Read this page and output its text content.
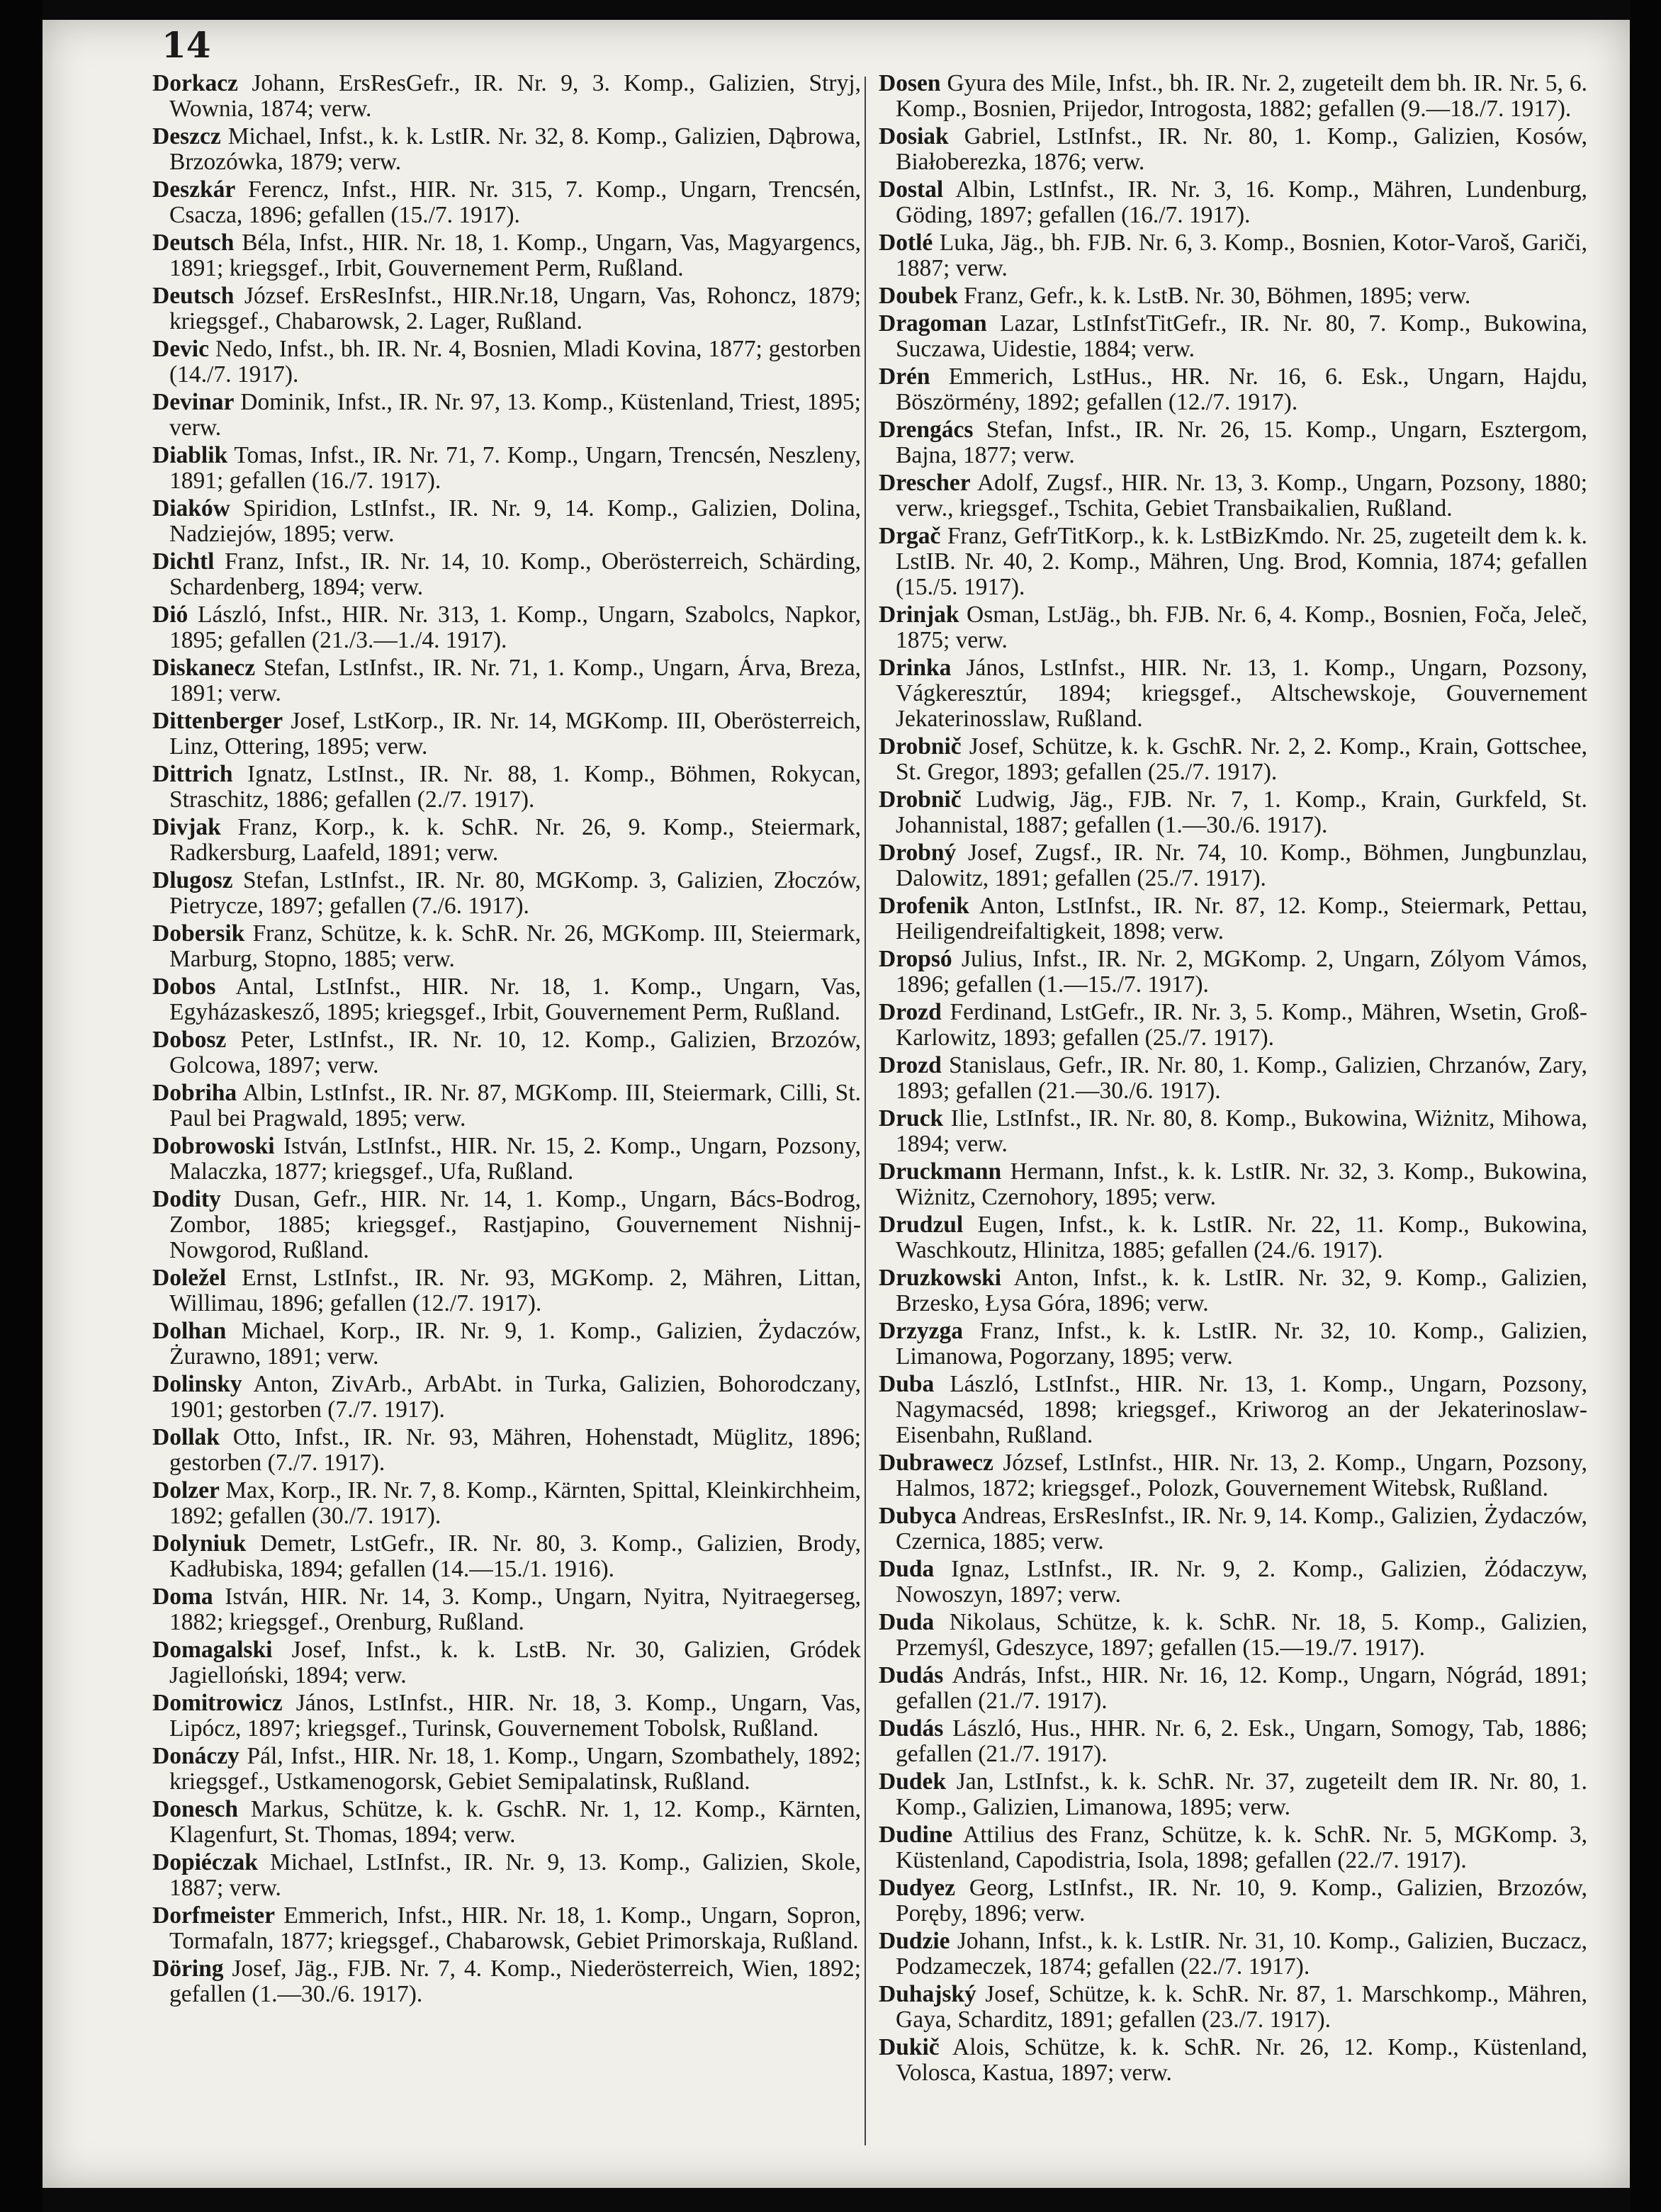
14

Dorkacz Johann, ErsResGefr., IR. Nr. 9, 3. Komp., Galizien, Stryj, Wownia, 1874; verw.

Deszcz Michael, Infst., k. k. LstIR. Nr. 32, 8. Komp., Galizien, Dąbrowa, Brzozówka, 1879; verw.

Deszkár Ferencz, Infst., HIR. Nr. 315, 7. Komp., Ungarn, Trencsén, Csacza, 1896; gefallen (15./7. 1917).

Deutsch Béla, Infst., HIR. Nr. 18, 1. Komp., Ungarn, Vas, Magyargencs, 1891; kriegsgef., Irbit, Gouvernement Perm, Rußland.

Deutsch József. ErsResInfst., HIR.Nr.18, Ungarn, Vas, Rohoncz, 1879; kriegsgef., Chabarowsk, 2. Lager, Rußland.

Devic Nedo, Infst., bh. IR. Nr. 4, Bosnien, Mladi Kovina, 1877; gestorben (14./7. 1917).

Devinar Dominik, Infst., IR. Nr. 97, 13. Komp., Küstenland, Triest, 1895; verw.

Diablik Tomas, Infst., IR. Nr. 71, 7. Komp., Ungarn, Trencsén, Neszleny, 1891; gefallen (16./7. 1917).

Diaków Spiridion, LstInfst., IR. Nr. 9, 14. Komp., Galizien, Dolina, Nadziejów, 1895; verw.

Dichtl Franz, Infst., IR. Nr. 14, 10. Komp., Oberösterreich, Schärding, Schardenberg, 1894; verw.

Dió László, Infst., HIR. Nr. 313, 1. Komp., Ungarn, Szabolcs, Napkor, 1895; gefallen (21./3.—1./4. 1917).

Diskanecz Stefan, LstInfst., IR. Nr. 71, 1. Komp., Ungarn, Árva, Breza, 1891; verw.

Dittenberger Josef, LstKorp., IR. Nr. 14, MGKomp. III, Oberösterreich, Linz, Ottering, 1895; verw.

Dittrich Ignatz, LstInst., IR. Nr. 88, 1. Komp., Böhmen, Rokycan, Straschitz, 1886; gefallen (2./7. 1917).

Divjak Franz, Korp., k. k. SchR. Nr. 26, 9. Komp., Steiermark, Radkersburg, Laafeld, 1891; verw.

Dlugosz Stefan, LstInfst., IR. Nr. 80, MGKomp. 3, Galizien, Złoczów, Pietrycze, 1897; gefallen (7./6. 1917).

Dobersik Franz, Schütze, k. k. SchR. Nr. 26, MGKomp. III, Steiermark, Marburg, Stopno, 1885; verw.

Dobos Antal, LstInfst., HIR. Nr. 18, 1. Komp., Ungarn, Vas, Egyházaskesző, 1895; kriegsgef., Irbit, Gouvernement Perm, Rußland.

Dobosz Peter, LstInfst., IR. Nr. 10, 12. Komp., Galizien, Brzozów, Golcowa, 1897; verw.

Dobriha Albin, LstInfst., IR. Nr. 87, MGKomp. III, Steiermark, Cilli, St. Paul bei Pragwald, 1895; verw.

Dobrowoski István, LstInfst., HIR. Nr. 15, 2. Komp., Ungarn, Pozsony, Malaczka, 1877; kriegsgef., Ufa, Rußland.

Dodity Dusan, Gefr., HIR. Nr. 14, 1. Komp., Ungarn, Bács-Bodrog, Zombor, 1885; kriegsgef., Rastjapino, Gouvernement Nishnij-Nowgorod, Rußland.

Doležel Ernst, LstInfst., IR. Nr. 93, MGKomp. 2, Mähren, Littan, Willimau, 1896; gefallen (12./7. 1917).

Dolhan Michael, Korp., IR. Nr. 9, 1. Komp., Galizien, Żydaczów, Żurawno, 1891; verw.

Dolinsky Anton, ZivArb., ArbAbt. in Turka, Galizien, Bohorodczany, 1901; gestorben (7./7. 1917).

Dollak Otto, Infst., IR. Nr. 93, Mähren, Hohenstadt, Müglitz, 1896; gestorben (7./7. 1917).

Dolzer Max, Korp., IR. Nr. 7, 8. Komp., Kärnten, Spittal, Kleinkirchheim, 1892; gefallen (30./7. 1917).

Dolyniuk Demetr, LstGefr., IR. Nr. 80, 3. Komp., Galizien, Brody, Kadłubiska, 1894; gefallen (14.—15./1. 1916).

Doma István, HIR. Nr. 14, 3. Komp., Ungarn, Nyitra, Nyitraegerseg, 1882; kriegsgef., Orenburg, Rußland.

Domagalski Josef, Infst., k. k. LstB. Nr. 30, Galizien, Gródek Jagielloński, 1894; verw.

Domitrowicz János, LstInfst., HIR. Nr. 18, 3. Komp., Ungarn, Vas, Lipócz, 1897; kriegsgef., Turinsk, Gouvernement Tobolsk, Rußland.

Donáczy Pál, Infst., HIR. Nr. 18, 1. Komp., Ungarn, Szombathely, 1892; kriegsgef., Ustkamenogorsk, Gebiet Semipalatinsk, Rußland.

Donesch Markus, Schütze, k. k. GschR. Nr. 1, 12. Komp., Kärnten, Klagenfurt, St. Thomas, 1894; verw.

Dopiéczak Michael, LstInfst., IR. Nr. 9, 13. Komp., Galizien, Skole, 1887; verw.

Dorfmeister Emmerich, Infst., HIR. Nr. 18, 1. Komp., Ungarn, Sopron, Tormafaln, 1877; kriegsgef., Chabarowsk, Gebiet Primorskaja, Rußland.

Döring Josef, Jäg., FJB. Nr. 7, 4. Komp., Niederösterreich, Wien, 1892; gefallen (1.—30./6. 1917).

Dosen Gyura des Mile, Infst., bh. IR. Nr. 2, zugeteilt dem bh. IR. Nr. 5, 6. Komp., Bosnien, Prijedor, Introgosta, 1882; gefallen (9.—18./7. 1917).

Dosiak Gabriel, LstInfst., IR. Nr. 80, 1. Komp., Galizien, Kosów, Białoberezka, 1876; verw.

Dostal Albin, LstInfst., IR. Nr. 3, 16. Komp., Mähren, Lundenburg, Göding, 1897; gefallen (16./7. 1917).

Dotlé Luka, Jäg., bh. FJB. Nr. 6, 3. Komp., Bosnien, Kotor-Varoš, Gariči, 1887; verw.

Doubek Franz, Gefr., k. k. LstB. Nr. 30, Böhmen, 1895; verw.

Dragoman Lazar, LstInfstTitGefr., IR. Nr. 80, 7. Komp., Bukowina, Suczawa, Uidestie, 1884; verw.

Drén Emmerich, LstHus., HR. Nr. 16, 6. Esk., Ungarn, Hajdu, Böszörmény, 1892; gefallen (12./7. 1917).

Drengács Stefan, Infst., IR. Nr. 26, 15. Komp., Ungarn, Esztergom, Bajna, 1877; verw.

Drescher Adolf, Zugsf., HIR. Nr. 13, 3. Komp., Ungarn, Pozsony, 1880; verw., kriegsgef., Tschita, Gebiet Transbaikalien, Rußland.

Drgač Franz, GefrTitKorp., k. k. LstBizKmdo. Nr. 25, zugeteilt dem k. k. LstIB. Nr. 40, 2. Komp., Mähren, Ung. Brod, Komnia, 1874; gefallen (15./5. 1917).

Drinjak Osman, LstJäg., bh. FJB. Nr. 6, 4. Komp., Bosnien, Foča, Jeleč, 1875; verw.

Drinka János, LstInfst., HIR. Nr. 13, 1. Komp., Ungarn, Pozsony, Vágkeresztúr, 1894; kriegsgef., Altschewskoje, Gouvernement Jekaterinosslaw, Rußland.

Drobnič Josef, Schütze, k. k. GschR. Nr. 2, 2. Komp., Krain, Gottschee, St. Gregor, 1893; gefallen (25./7. 1917).

Drobnič Ludwig, Jäg., FJB. Nr. 7, 1. Komp., Krain, Gurkfeld, St. Johannistal, 1887; gefallen (1.—30./6. 1917).

Drobný Josef, Zugsf., IR. Nr. 74, 10. Komp., Böhmen, Jungbunzlau, Dalowitz, 1891; gefallen (25./7. 1917).

Drofenik Anton, LstInfst., IR. Nr. 87, 12. Komp., Steiermark, Pettau, Heiligendreifaltigkeit, 1898; verw.

Dropsó Julius, Infst., IR. Nr. 2, MGKomp. 2, Ungarn, Zólyom Vámos, 1896; gefallen (1.—15./7. 1917).

Drozd Ferdinand, LstGefr., IR. Nr. 3, 5. Komp., Mähren, Wsetin, Groß-Karlowitz, 1893; gefallen (25./7. 1917).

Drozd Stanislaus, Gefr., IR. Nr. 80, 1. Komp., Galizien, Chrzanów, Zary, 1893; gefallen (21.—30./6. 1917).

Druck Ilie, LstInfst., IR. Nr. 80, 8. Komp., Bukowina, Wiżnitz, Mihowa, 1894; verw.

Druckmann Hermann, Infst., k. k. LstIR. Nr. 32, 3. Komp., Bukowina, Wiżnitz, Czernohory, 1895; verw.

Drudzul Eugen, Infst., k. k. LstIR. Nr. 22, 11. Komp., Bukowina, Waschkoutz, Hlinitza, 1885; gefallen (24./6. 1917).

Druzkowski Anton, Infst., k. k. LstIR. Nr. 32, 9. Komp., Galizien, Brzesko, Łysa Góra, 1896; verw.

Drzyzga Franz, Infst., k. k. LstIR. Nr. 32, 10. Komp., Galizien, Limanowa, Pogorzany, 1895; verw.

Duba László, LstInfst., HIR. Nr. 13, 1. Komp., Ungarn, Pozsony, Nagymacséd, 1898; kriegsgef., Kriworog an der Jekaterinoslaw-Eisenbahn, Rußland.

Dubrawecz József, LstInfst., HIR. Nr. 13, 2. Komp., Ungarn, Pozsony, Halmos, 1872; kriegsgef., Polozk, Gouvernement Witebsk, Rußland.

Dubyca Andreas, ErsResInfst., IR. Nr. 9, 14. Komp., Galizien, Żydaczów, Czernica, 1885; verw.

Duda Ignaz, LstInfst., IR. Nr. 9, 2. Komp., Galizien, Żódaczyw, Nowoszyn, 1897; verw.

Duda Nikolaus, Schütze, k. k. SchR. Nr. 18, 5. Komp., Galizien, Przemyśl, Gdeszyce, 1897; gefallen (15.—19./7. 1917).

Dudás András, Infst., HIR. Nr. 16, 12. Komp., Ungarn, Nógrád, 1891; gefallen (21./7. 1917).

Dudás László, Hus., HHR. Nr. 6, 2. Esk., Ungarn, Somogy, Tab, 1886; gefallen (21./7. 1917).

Dudek Jan, LstInfst., k. k. SchR. Nr. 37, zugeteilt dem IR. Nr. 80, 1. Komp., Galizien, Limanowa, 1895; verw.

Dudine Attilius des Franz, Schütze, k. k. SchR. Nr. 5, MGKomp. 3, Küstenland, Capodistria, Isola, 1898; gefallen (22./7. 1917).

Dudyez Georg, LstInfst., IR. Nr. 10, 9. Komp., Galizien, Brzozów, Poręby, 1896; verw.

Dudzie Johann, Infst., k. k. LstIR. Nr. 31, 10. Komp., Galizien, Buczacz, Podzameczek, 1874; gefallen (22./7. 1917).

Duhajský Josef, Schütze, k. k. SchR. Nr. 87, 1. Marschkomp., Mähren, Gaya, Scharditz, 1891; gefallen (23./7. 1917).

Dukič Alois, Schütze, k. k. SchR. Nr. 26, 12. Komp., Küstenland, Volosca, Kastua, 1897; verw.
